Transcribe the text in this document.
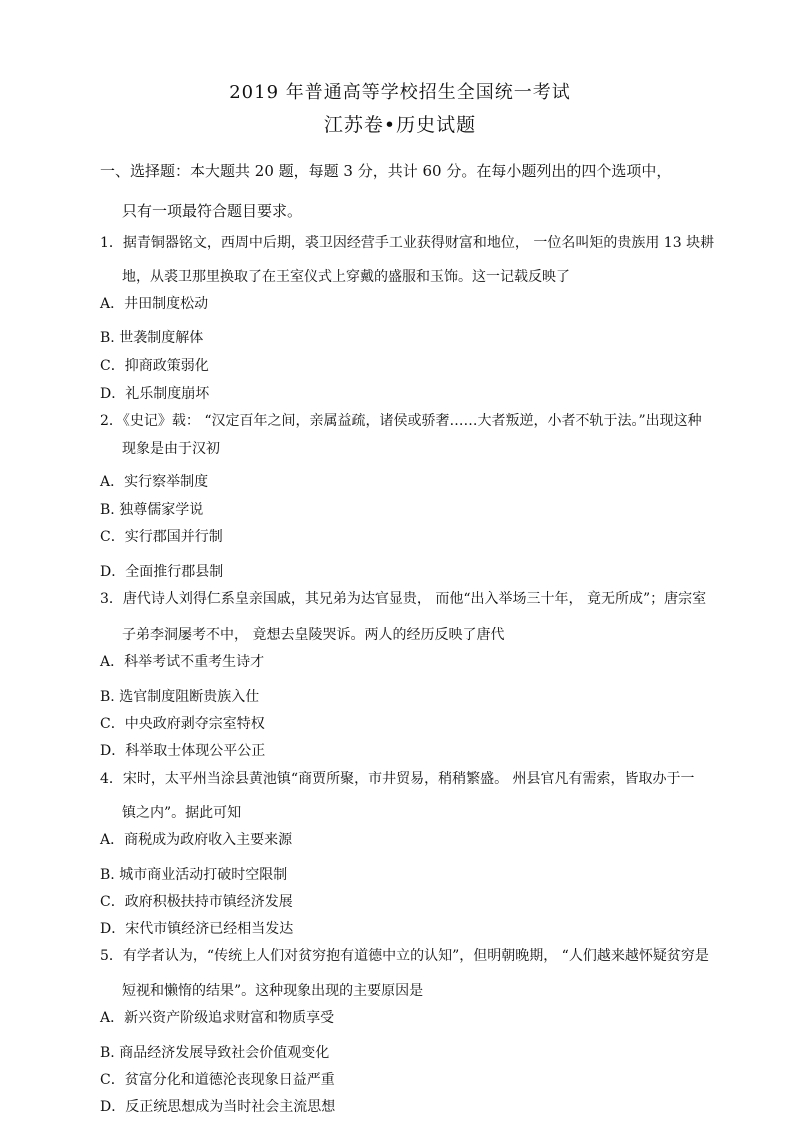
2019 年普通高等学校招生全国统一考试
江苏卷•历史试题
一、选择题：本大题共 20 题，每题 3 分，共计 60 分。在每小题列出的四个选项中，
只有一项最符合题目要求。
1．据青铜器铭文，西周中后期，裘卫因经营手工业获得财富和地位， 一位名叫矩的贵族用 13 块耕
地，从裘卫那里换取了在王室仪式上穿戴的盛服和玉饰。这一记载反映了
A．井田制度松动
B. 世袭制度解体
C．抑商政策弱化
D．礼乐制度崩坏
2．《史记》载： “汉定百年之间，亲属益疏，诸侯或骄奢……大者叛逆，小者不轨于法。”出现这种
现象是由于汉初
A．实行察举制度
B. 独尊儒家学说
C．实行郡国并行制
D．全面推行郡县制
3．唐代诗人刘得仁系皇亲国戚，其兄弟为达官显贵， 而他“出入举场三十年， 竟无所成”；唐宗室
子弟李洞屡考不中， 竟想去皇陵哭诉。两人的经历反映了唐代
A．科举考试不重考生诗才
B. 选官制度阻断贵族入仕
C．中央政府剥夺宗室特权
D．科举取士体现公平公正
4．宋时，太平州当涂县黄池镇“商贾所聚，市井贸易，稍稍繁盛。 州县官凡有需索，皆取办于一
镇之内”。据此可知
A．商税成为政府收入主要来源
B. 城市商业活动打破时空限制
C．政府积极扶持市镇经济发展
D．宋代市镇经济已经相当发达
5．有学者认为，“传统上人们对贫穷抱有道德中立的认知”，但明朝晚期， “人们越来越怀疑贫穷是
短视和懒惰的结果”。这种现象出现的主要原因是
A．新兴资产阶级追求财富和物质享受
B. 商品经济发展导致社会价值观变化
C．贫富分化和道德沦丧现象日益严重
D．反正统思想成为当时社会主流思想
